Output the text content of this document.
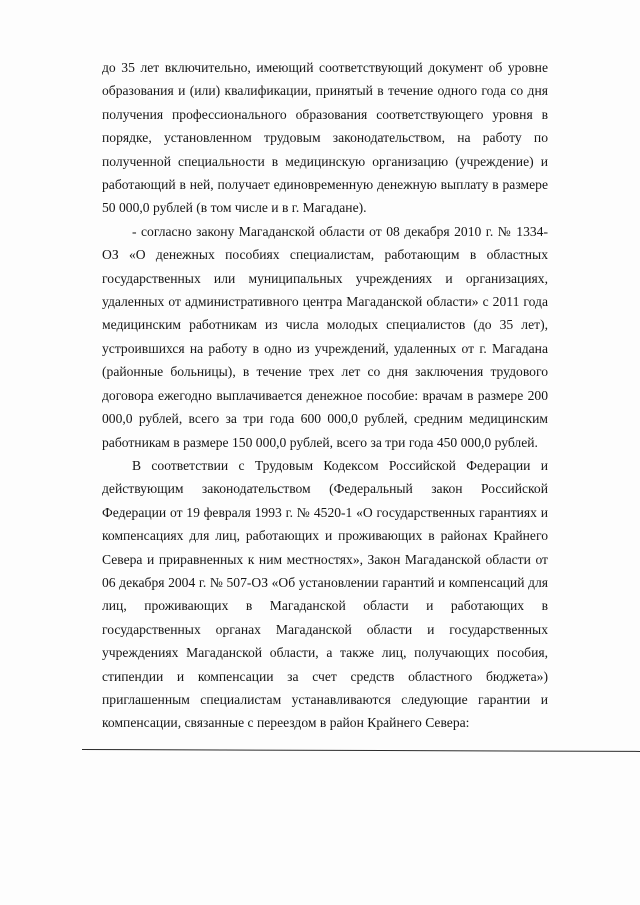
до 35 лет включительно, имеющий соответствующий документ об уровне образования и (или) квалификации, принятый в течение одного года со дня получения профессионального образования соответствующего уровня в порядке, установленном трудовым законодательством, на работу по полученной специальности в медицинскую организацию (учреждение) и работающий в ней, получает единовременную денежную выплату в размере 50 000,0 рублей (в том числе и в г. Магадане).

- согласно закону Магаданской области от 08 декабря 2010 г. № 1334-ОЗ «О денежных пособиях специалистам, работающим в областных государственных или муниципальных учреждениях и организациях, удаленных от административного центра Магаданской области» с 2011 года медицинским работникам из числа молодых специалистов (до 35 лет), устроившихся на работу в одно из учреждений, удаленных от г. Магадана (районные больницы), в течение трех лет со дня заключения трудового договора ежегодно выплачивается денежное пособие: врачам в размере 200 000,0 рублей, всего за три года 600 000,0 рублей, средним медицинским работникам в размере 150 000,0 рублей, всего за три года 450 000,0 рублей.

В соответствии с Трудовым Кодексом Российской Федерации и действующим законодательством (Федеральный закон Российской Федерации от 19 февраля 1993 г. № 4520-1 «О государственных гарантиях и компенсациях для лиц, работающих и проживающих в районах Крайнего Севера и приравненных к ним местностях», Закон Магаданской области от 06 декабря 2004 г. № 507-ОЗ «Об установлении гарантий и компенсаций для лиц, проживающих в Магаданской области и работающих в государственных органах Магаданской области и государственных учреждениях Магаданской области, а также лиц, получающих пособия, стипендии и компенсации за счет средств областного бюджета») приглашенным специалистам устанавливаются следующие гарантии и компенсации, связанные с переездом в район Крайнего Севера:
